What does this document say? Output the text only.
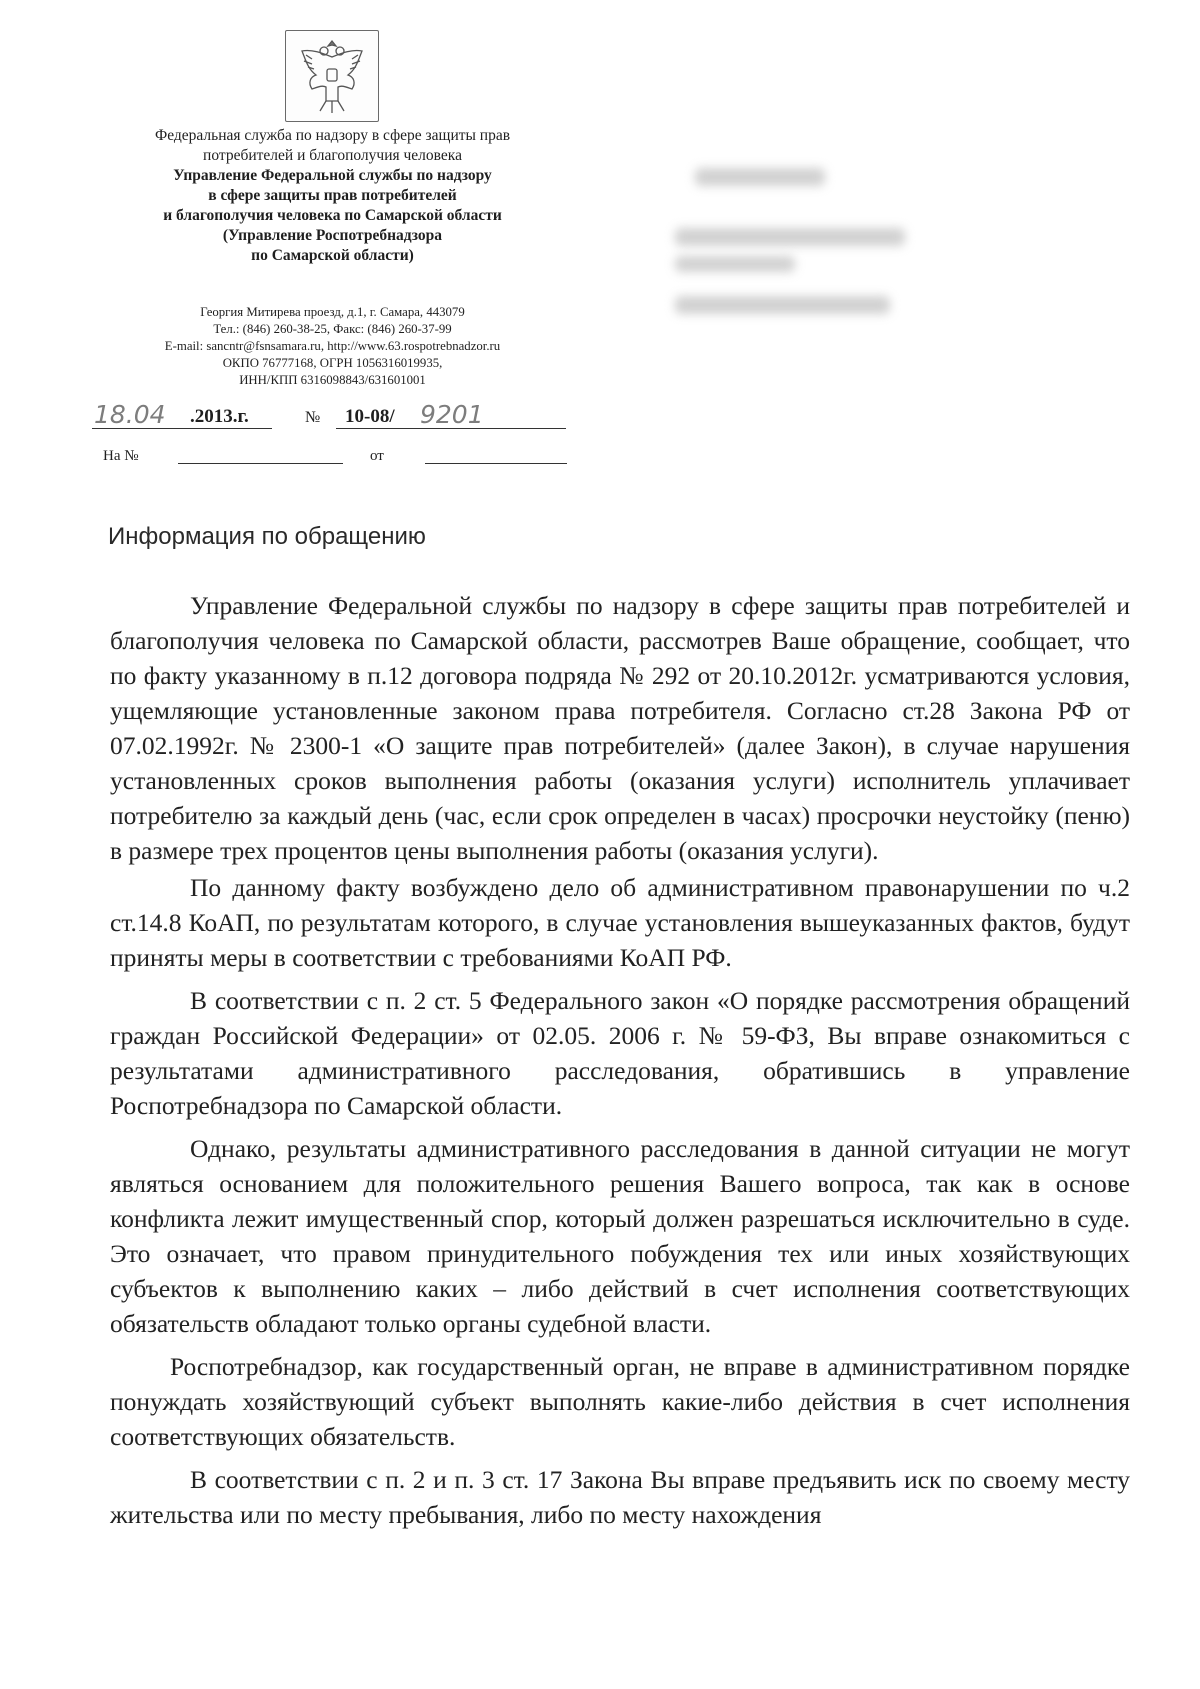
Федеральная служба по надзору в сфере защиты прав
потребителей и благополучия человека
Управление Федеральной службы по надзору
в сфере защиты прав потребителей
и благополучия человека по Самарской области
(Управление Роспотребнадзора
по Самарской области)
Георгия Митирева проезд, д.1, г. Самара, 443079
Тел.: (846) 260-38-25, Факс: (846) 260-37-99
E-mail: sancntr@fsnsamara.ru, http://www.63.rospotrebnadzor.ru
ОКПО 76777168, ОГРН 1056316019935,
ИНН/КПП 6316098843/631601001
18.04 .2013.г.	№ 10-08/ 9201
На №	от
Информация по обращению

Управление Федеральной службы по надзору в сфере защиты прав потребителей и благополучия человека по Самарской области, рассмотрев Ваше обращение, сообщает, что по факту указанному в п.12 договора подряда № 292 от 20.10.2012г. усматриваются условия, ущемляющие установленные законом права потребителя. Согласно ст.28 Закона РФ от 07.02.1992г. № 2300-1 «О защите прав потребителей» (далее Закон), в случае нарушения установленных сроков выполнения работы (оказания услуги) исполнитель уплачивает потребителю за каждый день (час, если срок определен в часах) просрочки неустойку (пеню) в размере трех процентов цены выполнения работы (оказания услуги).

По данному факту возбуждено дело об административном правонарушении по ч.2 ст.14.8 КоАП, по результатам которого, в случае установления вышеуказанных фактов, будут приняты меры в соответствии с требованиями КоАП РФ.

В соответствии с п. 2 ст. 5 Федерального закон «О порядке рассмотрения обращений граждан Российской Федерации» от 02.05. 2006 г. № 59-ФЗ, Вы вправе ознакомиться с результатами административного расследования, обратившись в управление Роспотребнадзора по Самарской области.

Однако, результаты административного расследования в данной ситуации не могут являться основанием для положительного решения Вашего вопроса, так как в основе конфликта лежит имущественный спор, который должен разрешаться исключительно в суде. Это означает, что правом принудительного побуждения тех или иных хозяйствующих субъектов к выполнению каких – либо действий в счет исполнения соответствующих обязательств обладают только органы судебной власти.

Роспотребнадзор, как государственный орган, не вправе в административном порядке понуждать хозяйствующий субъект выполнять какие-либо действия в счет исполнения соответствующих обязательств.

В соответствии с п. 2 и п. 3 ст. 17 Закона Вы вправе предъявить иск по своему месту жительства или по месту пребывания, либо по месту нахождения
